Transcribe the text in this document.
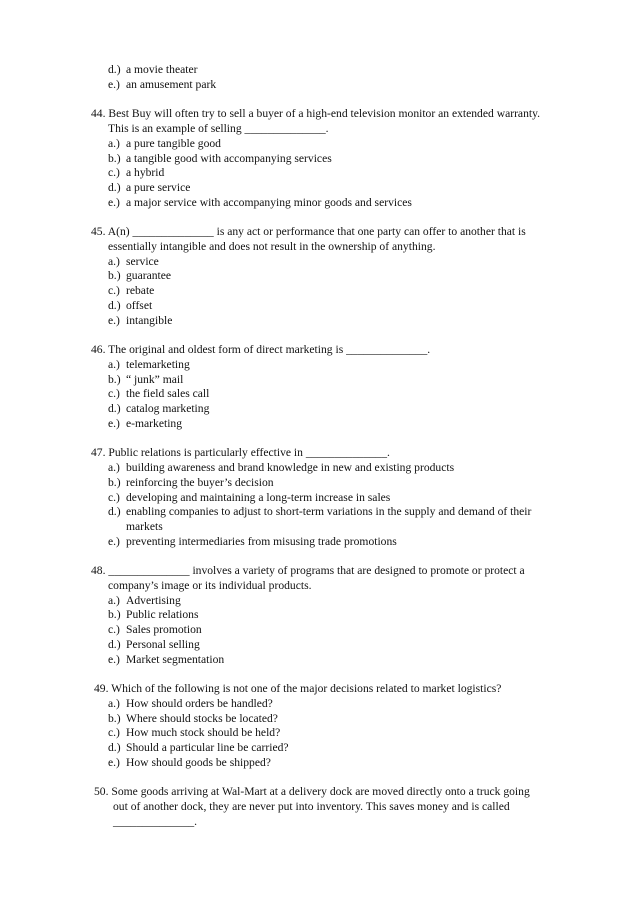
d.) a movie theater
e.) an amusement park
44. Best Buy will often try to sell a buyer of a high-end television monitor an extended warranty.
This is an example of selling ______________.
a.) a pure tangible good
b.) a tangible good with accompanying services
c.) a hybrid
d.) a pure service
e.) a major service with accompanying minor goods and services
45. A(n) ______________ is any act or performance that one party can offer to another that is
essentially intangible and does not result in the ownership of anything.
a.) service
b.) guarantee
c.) rebate
d.) offset
e.) intangible
46. The original and oldest form of direct marketing is ______________.
a.) telemarketing
b.) “ junk” mail
c.) the field sales call
d.) catalog marketing
e.) e-marketing
47. Public relations is particularly effective in ______________.
a.) building awareness and brand knowledge in new and existing products
b.) reinforcing the buyer’s decision
c.) developing and maintaining a long-term increase in sales
d.) enabling companies to adjust to short-term variations in the supply and demand of their
markets
e.) preventing intermediaries from misusing trade promotions
48. ______________ involves a variety of programs that are designed to promote or protect a
company’s image or its individual products.
a.) Advertising
b.) Public relations
c.) Sales promotion
d.) Personal selling
e.) Market segmentation
49. Which of the following is not one of the major decisions related to market logistics?
a.) How should orders be handled?
b.) Where should stocks be located?
c.) How much stock should be held?
d.) Should a particular line be carried?
e.) How should goods be shipped?
50. Some goods arriving at Wal-Mart at a delivery dock are moved directly onto a truck going
out of another dock, they are never put into inventory. This saves money and is called
______________.
